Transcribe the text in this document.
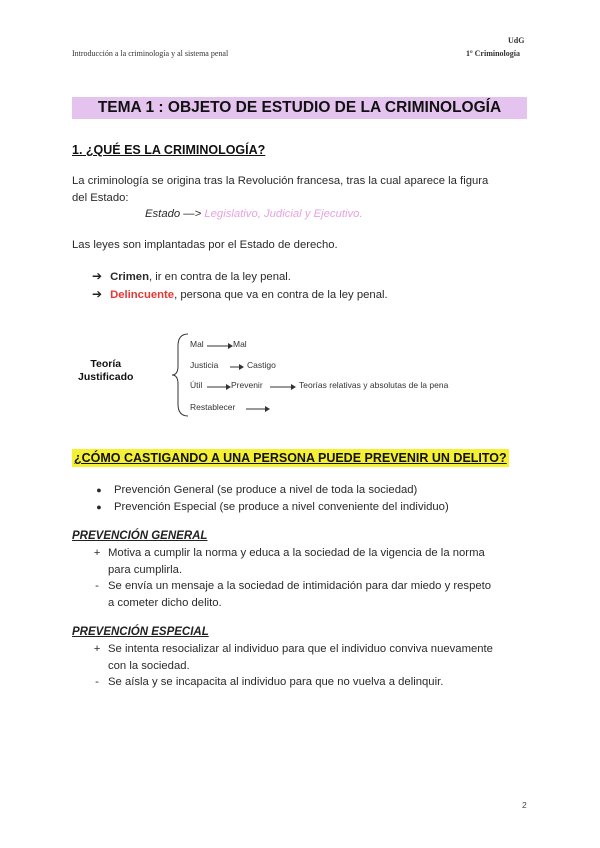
Introducción a la criminología y al sistema penal
UdG
1º Criminología
TEMA 1 : OBJETO DE ESTUDIO DE LA CRIMINOLOGÍA
1. ¿QUÉ ES LA CRIMINOLOGÍA?
La criminología se origina tras la Revolución francesa, tras la cual aparece la figura
del Estado:
Estado —> Legislativo, Judicial y Ejecutivo.
Las leyes son implantadas por el Estado de derecho.
➔ Crimen, ir en contra de la ley penal.
➔ Delincuente, persona que va en contra de la ley penal.
Teoría
Justificado
Mal	Mal
Justicia	Castigo
Útil	Prevenir	Teorías relativas y absolutas de la pena
Restablecer
¿CÓMO CASTIGANDO A UNA PERSONA PUEDE PREVENIR UN DELITO?
●	Prevención General (se produce a nivel de toda la sociedad)
●	Prevención Especial (se produce a nivel conveniente del individuo)
PREVENCIÓN GENERAL
+ Motiva a cumplir la norma y educa a la sociedad de la vigencia de la norma
para cumplirla.
- Se envía un mensaje a la sociedad de intimidación para dar miedo y respeto
a cometer dicho delito.
PREVENCIÓN ESPECIAL
+ Se intenta resocializar al individuo para que el individuo conviva nuevamente
con la sociedad.
- Se aísla y se incapacita al individuo para que no vuelva a delinquir.
2
